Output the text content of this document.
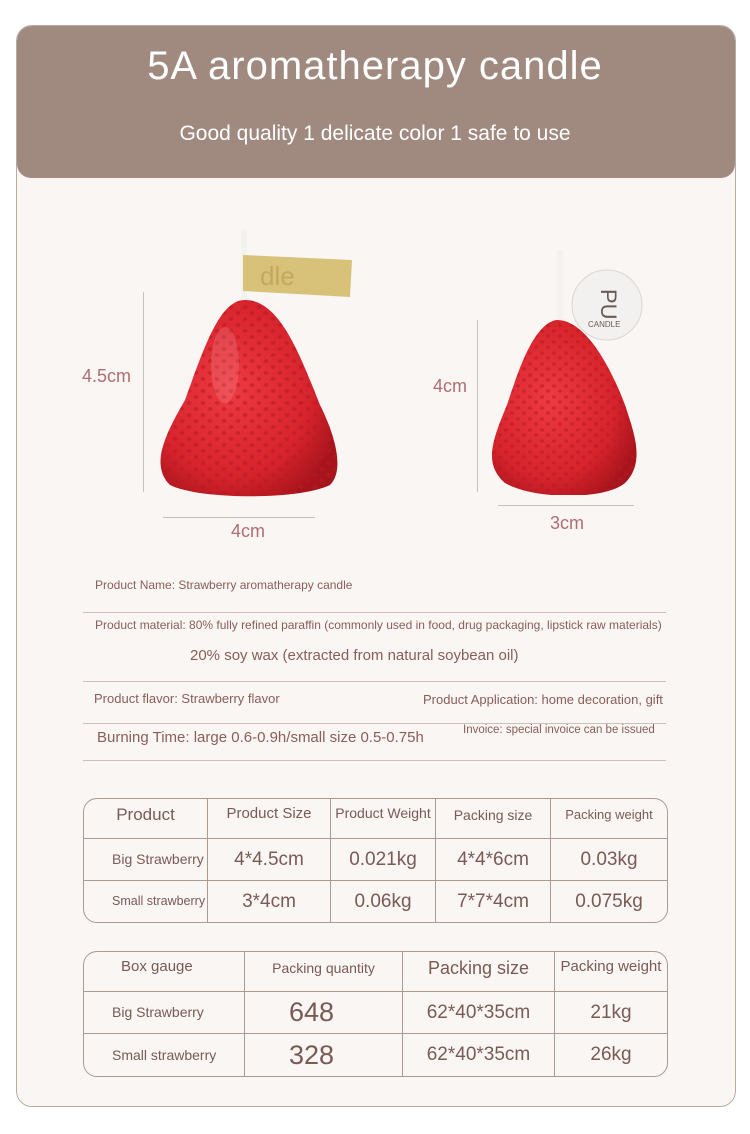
5A aromatherapy candle
Good quality 1 delicate color 1 safe to use
dle
PU
CANDLE
4.5cm
4cm
4cm
3cm
Product Name: Strawberry aromatherapy candle
Product material: 80% fully refined paraffin (commonly used in food, drug packaging, lipstick raw materials)
20% soy wax (extracted from natural soybean oil)
Product flavor: Strawberry flavor	Product Application: home decoration, gift
Burning Time: large 0.6-0.9h/small size 0.5-0.75h	Invoice: special invoice can be issued
Product	Product Size	Product Weight	Packing size	Packing weight
Big Strawberry	4*4.5cm	0.021kg	4*4*6cm	0.03kg
Small strawberry	3*4cm	0.06kg	7*7*4cm	0.075kg
Box gauge	Packing quantity	Packing size	Packing weight
Big Strawberry	648	62*40*35cm	21kg
Small strawberry	328	62*40*35cm	26kg
